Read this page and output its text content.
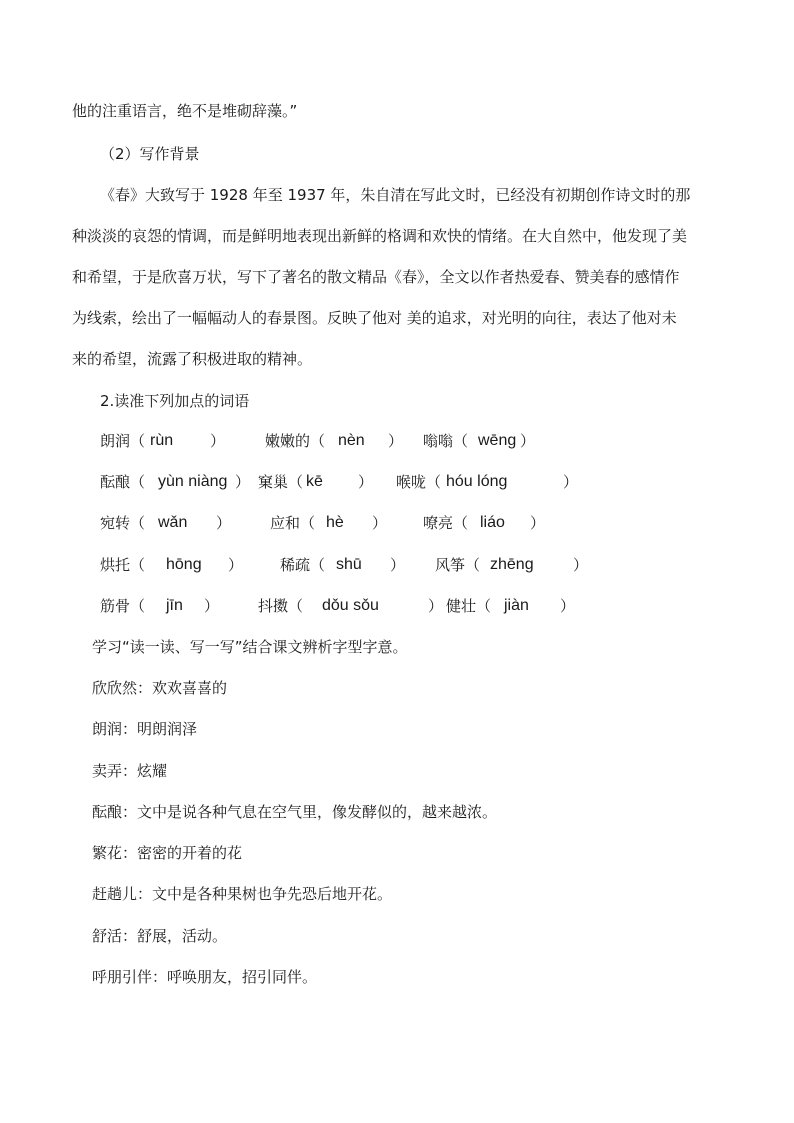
他的注重语言，绝不是堆砌辞藻。”
（2）写作背景
《春》大致写于 1928 年至 1937 年，朱自清在写此文时，已经没有初期创作诗文时的那
种淡淡的哀怨的情调，而是鲜明地表现出新鲜的格调和欢快的情绪。在大自然中，他发现了美
和希望，于是欣喜万状，写下了著名的散文精品《春》，全文以作者热爱春、赞美春的感情作
为线索，绘出了一幅幅动人的春景图。反映了他对 美的追求，对光明的向往，表达了他对未
来的希望，流露了积极进取的精神。
2.读准下列加点的词语
朗润（ rùn ）	嫩嫩的（ nèn ） 嗡嗡（ wēng ）
酝酿（ yùn niàng ） 窠巢（ kē ） 喉咙（ hóu lóng	）
宛转（ wǎn ）	应和（ hè ） 嘹亮（ liáo ）
烘托（ hōng ） 稀疏（ shū ） 风筝（ zhēng	）
筋骨（ jīn ）	抖擞（ dǒu sǒu	） 健壮（ jiàn ）
学习“读一读、写一写”结合课文辨析字型字意。
欣欣然：欢欢喜喜的
朗润：明朗润泽
卖弄：炫耀
酝酿：文中是说各种气息在空气里，像发酵似的，越来越浓。
繁花：密密的开着的花
赶趟儿：文中是各种果树也争先恐后地开花。
舒活：舒展，活动。
呼朋引伴：呼唤朋友，招引同伴。
